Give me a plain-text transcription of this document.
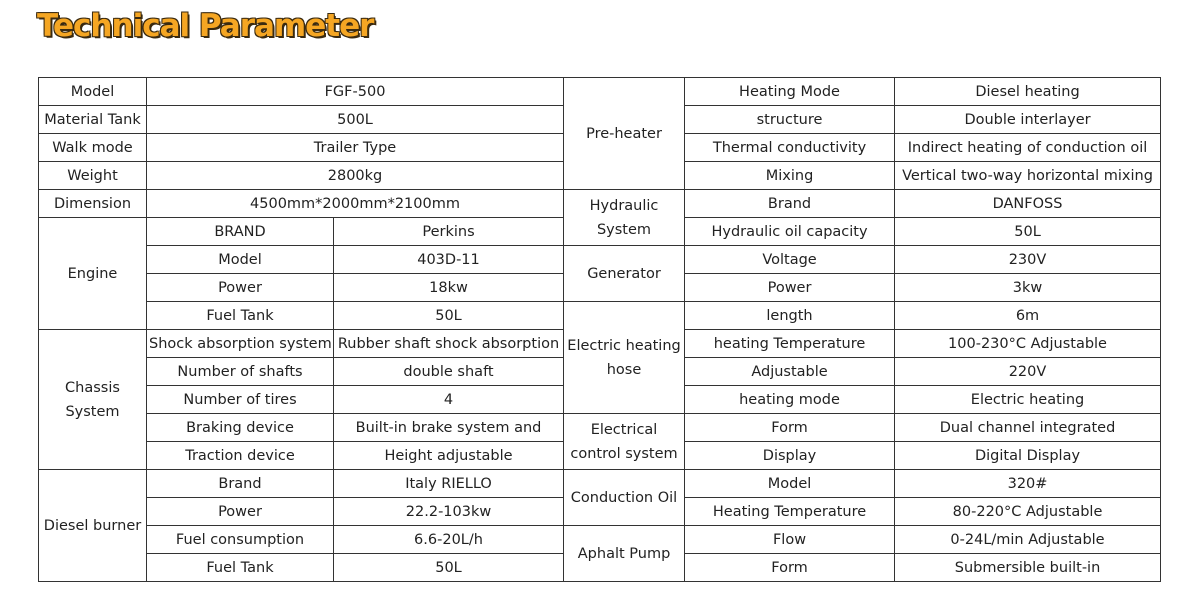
Technical Parameter
Model	FGF-500		Pre-heater	Heating Mode	Diesel heating
Material Tank	500L			structure	Double interlayer
Walk mode	Trailer Type			Thermal conductivity	Indirect heating of conduction oil
Weight	2800kg			Mixing	Vertical two-way horizontal mixing
Dimension	4500mm*2000mm*2100mm		Hydraulic System	Brand	DANFOSS
Engine	BRAND	Perkins		Hydraulic oil capacity	50L
	Model	403D-11	Generator	Voltage	230V
	Power	18kw		Power	3kw
	Fuel Tank	50L	Electric heating hose	length	6m
Chassis System	Shock absorption system	Rubber shaft shock absorption		heating Temperature	100-230°C Adjustable
	Number of shafts	double shaft		Adjustable	220V
	Number of tires	4		heating mode	Electric heating
	Braking device	Built-in brake system and	Electrical control system	Form	Dual channel integrated
	Traction device	Height adjustable		Display	Digital Display
Diesel burner	Brand	Italy RIELLO	Conduction Oil	Model	320#
	Power	22.2-103kw		Heating Temperature	80-220°C Adjustable
	Fuel consumption	6.6-20L/h	Aphalt Pump	Flow	0-24L/min Adjustable
	Fuel Tank	50L		Form	Submersible built-in
